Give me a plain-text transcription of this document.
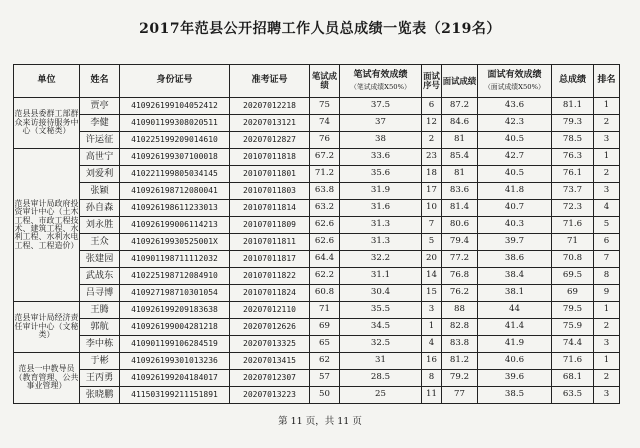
2017年范县公开招聘工作人员总成绩一览表（219名）
单位	姓名	身份证号	准考证号	笔试成绩	笔试有效成绩
（笔试成绩X50%）	面试序号	面试成绩	面试有效成绩
（面试成绩X50%）	总成绩	排名
范县县委群工部群众来访接待服务中心（文秘类）	贾亭	410926199104052412	20207012218	75	37.5	6	87.2	43.6	81.1	1
	李健	410901199308020511	20207013121	74	37	12	84.6	42.3	79.3	2
	许运征	410225199209014610	20207012827	76	38	2	81	40.5	78.5	3
范县审计局政府投资审计中心（土木工程、市政工程技术、建筑工程、水利工程、水利水电工程、工程造价）	高世宁	410926199307100018	20107011818	67.2	33.6	23	85.4	42.7	76.3	1
	刘爱利	410221199805034145	20107011801	71.2	35.6	18	81	40.5	76.1	2
	张颖	410926198712080041	20107011803	63.8	31.9	17	83.6	41.8	73.7	3
	孙自森	410926198611233013	20107011814	63.2	31.6	10	81.4	40.7	72.3	4
	刘永胜	410926199006114213	20107011809	62.6	31.3	7	80.6	40.3	71.6	5
	王众	41092619930525001X	20107011811	62.6	31.3	5	79.4	39.7	71	6
	张建园	410901198711112032	20107011817	64.4	32.2	20	77.2	38.6	70.8	7
	武战东	410225198712084910	20107011822	62.2	31.1	14	76.8	38.4	69.5	8
	吕寻博	410927198710301054	20107011824	60.8	30.4	15	76.2	38.1	69	9
范县审计局经济责任审计中心（文秘类）	王腾	410926199209183638	20207012110	71	35.5	3	88	44	79.5	1
	郭航	410926199004281218	20207012626	69	34.5	1	82.8	41.4	75.9	2
	李中栋	410901199106284519	20207013325	65	32.5	4	83.8	41.9	74.4	3
范县一中教导员（教育管理、公共事业管理）	于彬	410926199301013236	20207013415	62	31	16	81.2	40.6	71.6	1
	王丙勇	410926199204184017	20207012307	57	28.5	8	79.2	39.6	68.1	2
	张晓鹏	411503199211151891	20207013223	50	25	11	77	38.5	63.5	3
第 11 页，共 11 页
